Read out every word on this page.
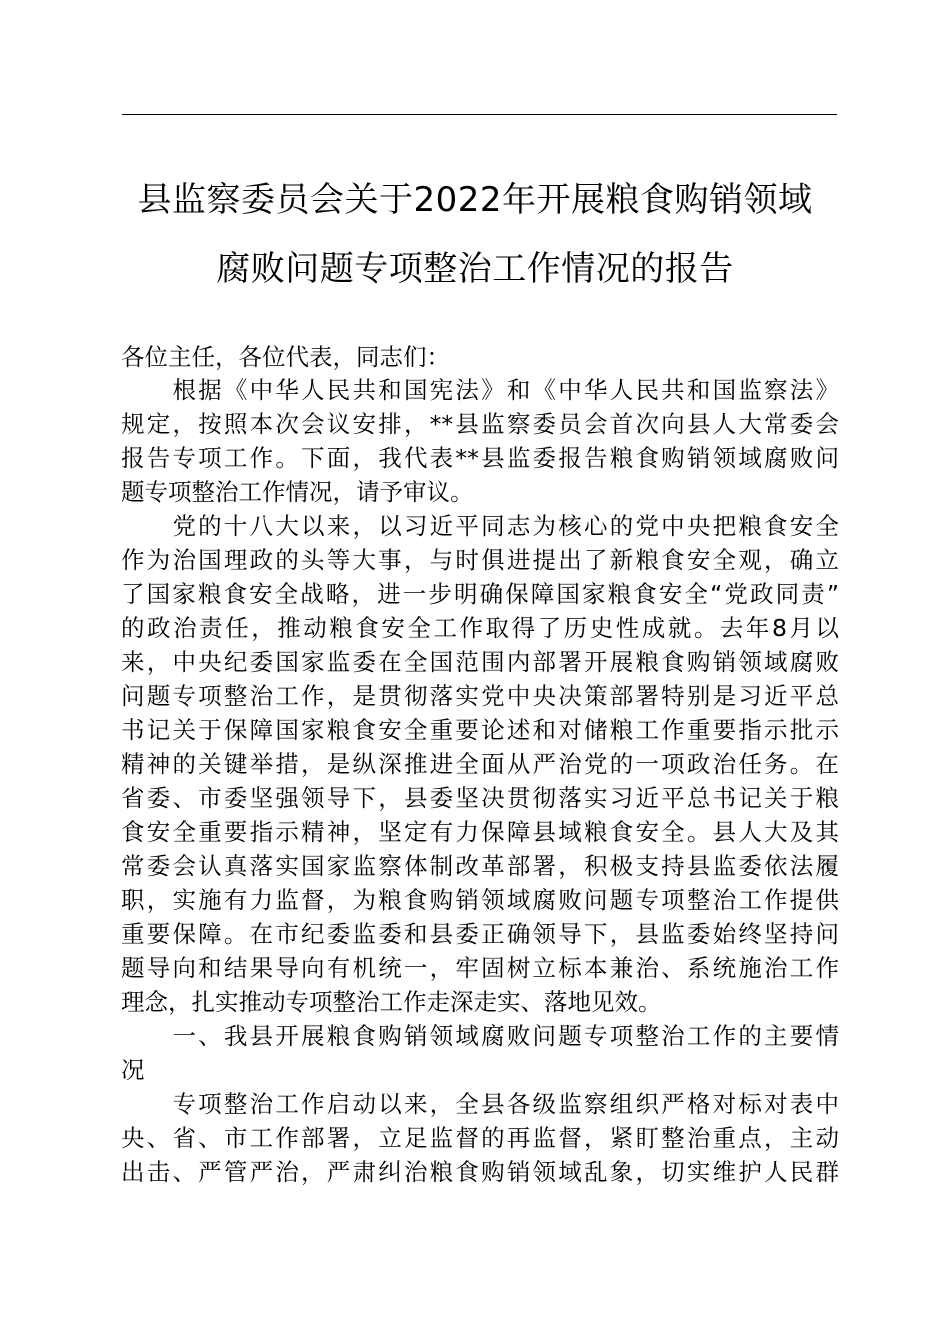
县监察委员会关于2022年开展粮食购销领域
腐败问题专项整治工作情况的报告
各位主任，各位代表，同志们：
　　根据《中华人民共和国宪法》和《中华人民共和国监察法》
规定，按照本次会议安排，**县监察委员会首次向县人大常委会
报告专项工作。下面，我代表**县监委报告粮食购销领域腐败问
题专项整治工作情况，请予审议。
　　党的十八大以来，以习近平同志为核心的党中央把粮食安全
作为治国理政的头等大事，与时俱进提出了新粮食安全观，确立
了国家粮食安全战略，进一步明确保障国家粮食安全“党政同责”
的政治责任，推动粮食安全工作取得了历史性成就。去年8月以
来，中央纪委国家监委在全国范围内部署开展粮食购销领域腐败
问题专项整治工作，是贯彻落实党中央决策部署特别是习近平总
书记关于保障国家粮食安全重要论述和对储粮工作重要指示批示
精神的关键举措，是纵深推进全面从严治党的一项政治任务。在
省委、市委坚强领导下，县委坚决贯彻落实习近平总书记关于粮
食安全重要指示精神，坚定有力保障县域粮食安全。县人大及其
常委会认真落实国家监察体制改革部署，积极支持县监委依法履
职，实施有力监督，为粮食购销领域腐败问题专项整治工作提供
重要保障。在市纪委监委和县委正确领导下，县监委始终坚持问
题导向和结果导向有机统一，牢固树立标本兼治、系统施治工作
理念，扎实推动专项整治工作走深走实、落地见效。
　　一、我县开展粮食购销领域腐败问题专项整治工作的主要情
况
　　专项整治工作启动以来，全县各级监察组织严格对标对表中
央、省、市工作部署，立足监督的再监督，紧盯整治重点，主动
出击、严管严治，严肃纠治粮食购销领域乱象，切实维护人民群
